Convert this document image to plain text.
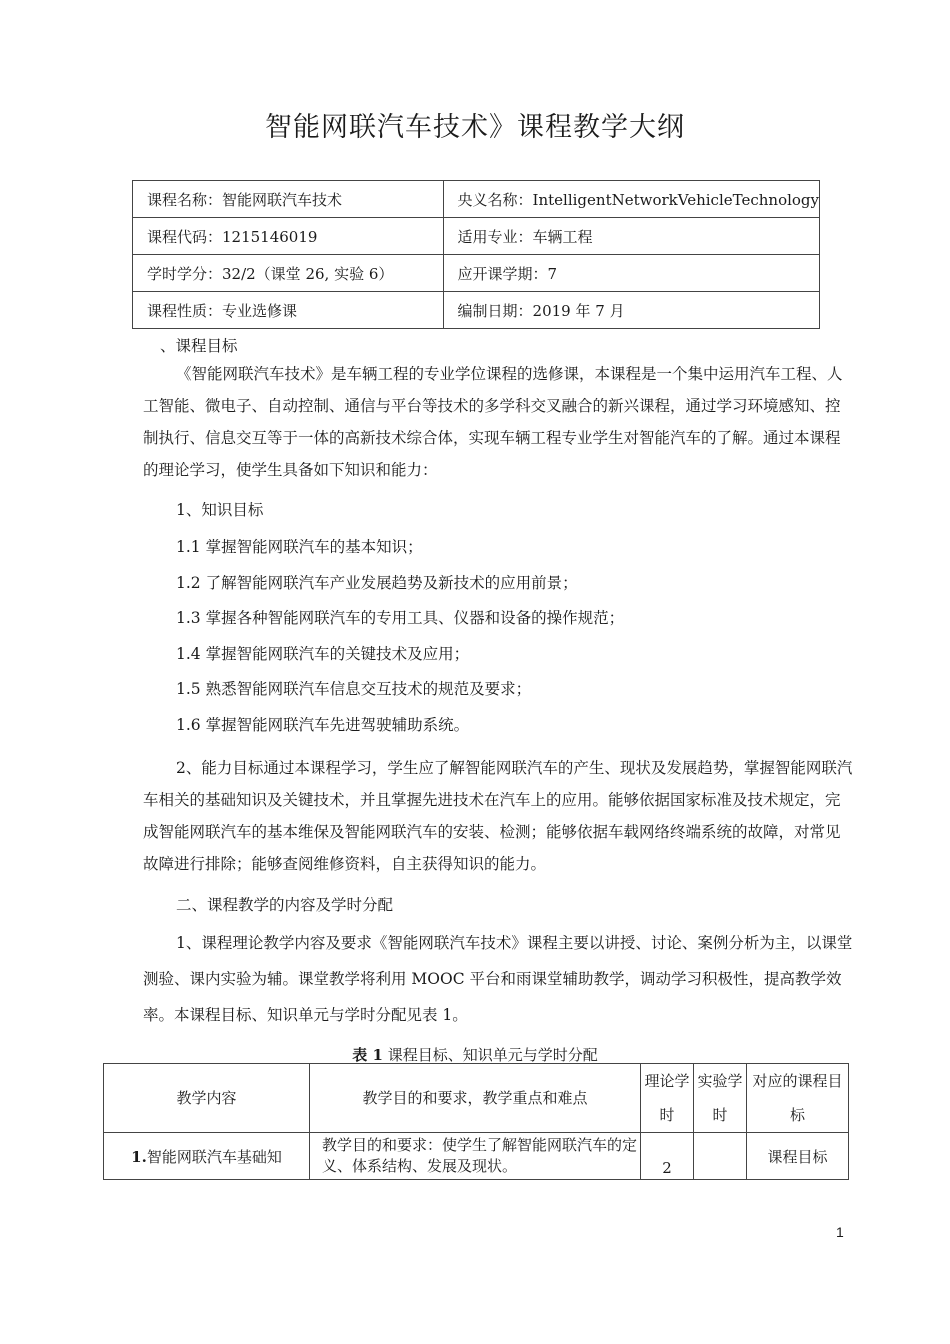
智能网联汽车技术》课程教学大纲
课程名称：智能网联汽车技术	央义名称：IntelligentNetworkVehicleTechnology
课程代码：1215146019	适用专业：车辆工程
学时学分：32/2（课堂 26, 实验 6）	应开课学期：7
课程性质：专业选修课	编制日期：2019 年 7 月
、课程目标

《智能网联汽车技术》是车辆工程的专业学位课程的选修课，本课程是一个集中运用汽车工程、人工智能、微电子、自动控制、通信与平台等技术的多学科交叉融合的新兴课程，通过学习环境感知、控制执行、信息交互等于一体的高新技术综合体，实现车辆工程专业学生对智能汽车的了解。通过本课程的理论学习，使学生具备如下知识和能力：

1、知识目标
1.1 掌握智能网联汽车的基本知识；
1.2 了解智能网联汽车产业发展趋势及新技术的应用前景；
1.3 掌握各种智能网联汽车的专用工具、仪器和设备的操作规范；
1.4 掌握智能网联汽车的关键技术及应用；
1.5 熟悉智能网联汽车信息交互技术的规范及要求；
1.6 掌握智能网联汽车先进驾驶辅助系统。

2、能力目标通过本课程学习，学生应了解智能网联汽车的产生、现状及发展趋势，掌握智能网联汽车相关的基础知识及关键技术，并且掌握先进技术在汽车上的应用。能够依据国家标准及技术规定，完成智能网联汽车的基本维保及智能网联汽车的安装、检测；能够依据车载网络终端系统的故障，对常见故障进行排除；能够查阅维修资料，自主获得知识的能力。

二、课程教学的内容及学时分配

1、课程理论教学内容及要求《智能网联汽车技术》课程主要以讲授、讨论、案例分析为主，以课堂测验、课内实验为辅。课堂教学将利用 MOOC 平台和雨课堂辅助教学，调动学习积极性，提高教学效率。本课程目标、知识单元与学时分配见表 1。

表 1 课程目标、知识单元与学时分配
教学内容	教学目的和要求，教学重点和难点	理论学时	实验学时	对应的课程目标
1.智能网联汽车基础知	教学目的和要求：使学生了解智能网联汽车的定义、体系结构、发展及现状。	2		课程目标
1
